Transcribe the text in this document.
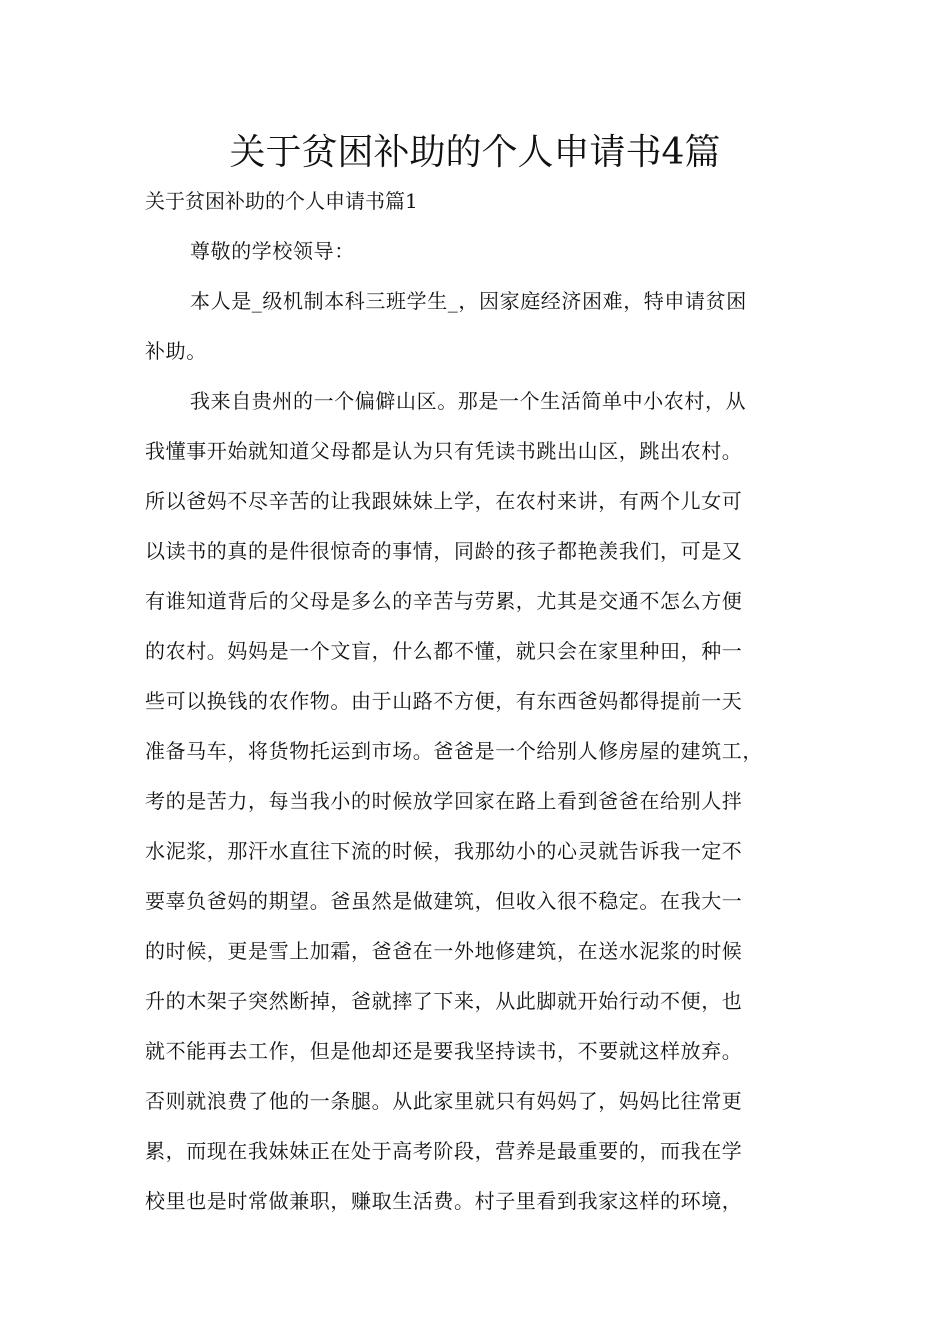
关于贫困补助的个人申请书4篇

关于贫困补助的个人申请书篇1

尊敬的学校领导：

本人是_级机制本科三班学生_，因家庭经济困难，特申请贫困

补助。

我来自贵州的一个偏僻山区。那是一个生活简单中小农村，从

我懂事开始就知道父母都是认为只有凭读书跳出山区，跳出农村。

所以爸妈不尽辛苦的让我跟妹妹上学，在农村来讲，有两个儿女可

以读书的真的是件很惊奇的事情，同龄的孩子都艳羡我们，可是又

有谁知道背后的父母是多么的辛苦与劳累，尤其是交通不怎么方便

的农村。妈妈是一个文盲，什么都不懂，就只会在家里种田，种一

些可以换钱的农作物。由于山路不方便，有东西爸妈都得提前一天

准备马车，将货物托运到市场。爸爸是一个给别人修房屋的建筑工，

考的是苦力，每当我小的时候放学回家在路上看到爸爸在给别人拌

水泥浆，那汗水直往下流的时候，我那幼小的心灵就告诉我一定不

要辜负爸妈的期望。爸虽然是做建筑，但收入很不稳定。在我大一

的时候，更是雪上加霜，爸爸在一外地修建筑，在送水泥浆的时候

升的木架子突然断掉，爸就摔了下来，从此脚就开始行动不便，也

就不能再去工作，但是他却还是要我坚持读书，不要就这样放弃。

否则就浪费了他的一条腿。从此家里就只有妈妈了，妈妈比往常更

累，而现在我妹妹正在处于高考阶段，营养是最重要的，而我在学

校里也是时常做兼职，赚取生活费。村子里看到我家这样的环境，
